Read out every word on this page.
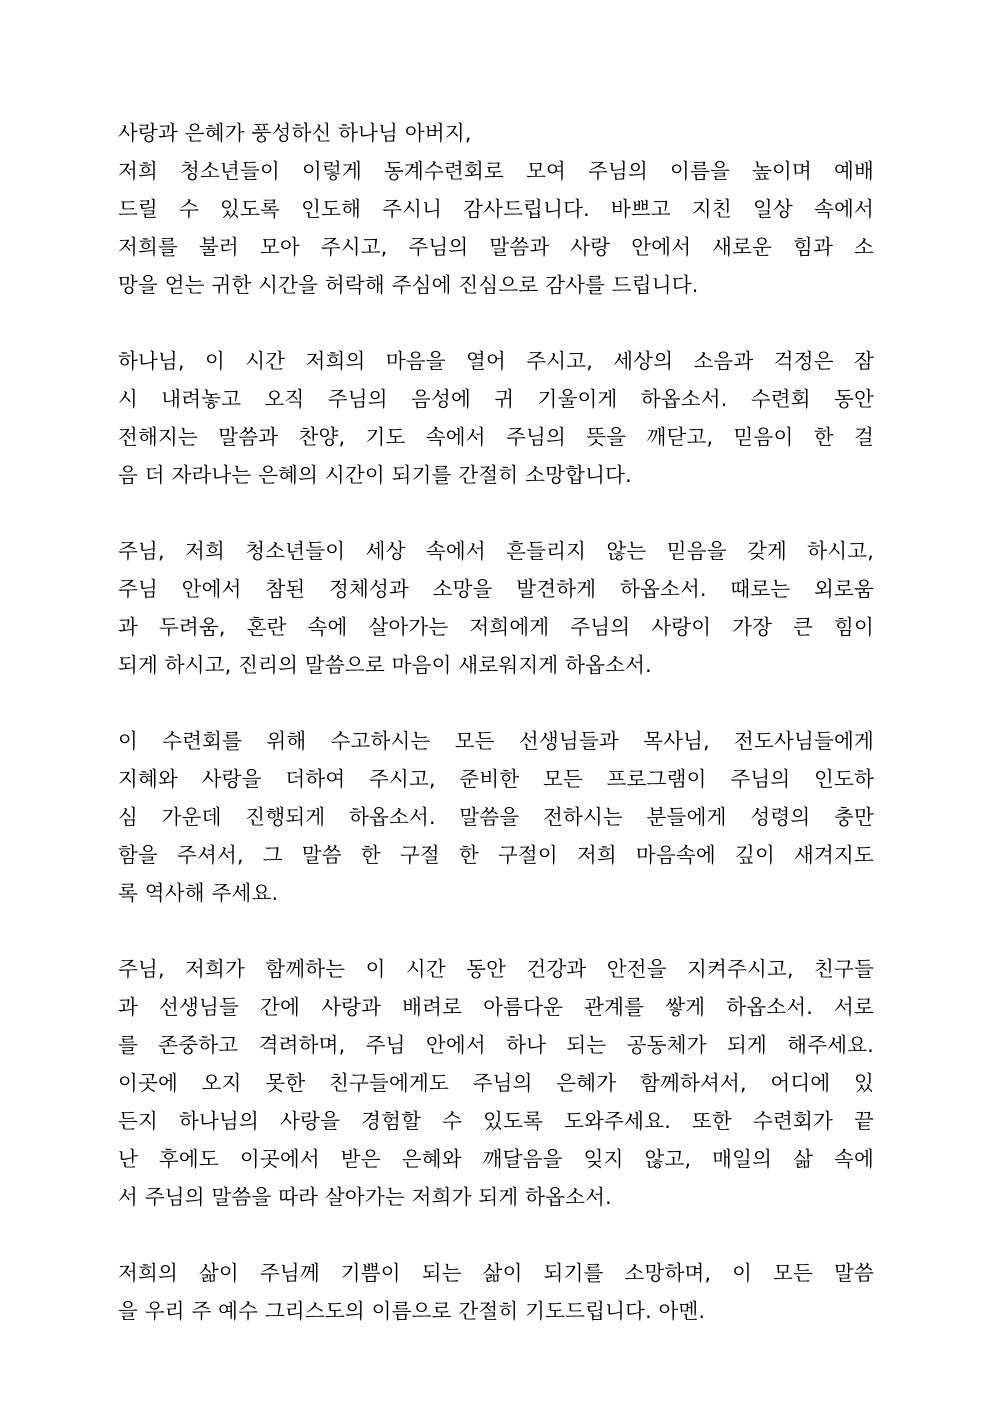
사랑과 은혜가 풍성하신 하나님 아버지,
저희 청소년들이 이렇게 동계수련회로 모여 주님의 이름을 높이며 예배
드릴 수 있도록 인도해 주시니 감사드립니다. 바쁘고 지친 일상 속에서
저희를 불러 모아 주시고, 주님의 말씀과 사랑 안에서 새로운 힘과 소
망을 얻는 귀한 시간을 허락해 주심에 진심으로 감사를 드립니다.
하나님, 이 시간 저희의 마음을 열어 주시고, 세상의 소음과 걱정은 잠
시 내려놓고 오직 주님의 음성에 귀 기울이게 하옵소서. 수련회 동안
전해지는 말씀과 찬양, 기도 속에서 주님의 뜻을 깨닫고, 믿음이 한 걸
음 더 자라나는 은혜의 시간이 되기를 간절히 소망합니다.
주님, 저희 청소년들이 세상 속에서 흔들리지 않는 믿음을 갖게 하시고,
주님 안에서 참된 정체성과 소망을 발견하게 하옵소서. 때로는 외로움
과 두려움, 혼란 속에 살아가는 저희에게 주님의 사랑이 가장 큰 힘이
되게 하시고, 진리의 말씀으로 마음이 새로워지게 하옵소서.
이 수련회를 위해 수고하시는 모든 선생님들과 목사님, 전도사님들에게
지혜와 사랑을 더하여 주시고, 준비한 모든 프로그램이 주님의 인도하
심 가운데 진행되게 하옵소서. 말씀을 전하시는 분들에게 성령의 충만
함을 주셔서, 그 말씀 한 구절 한 구절이 저희 마음속에 깊이 새겨지도
록 역사해 주세요.
주님, 저희가 함께하는 이 시간 동안 건강과 안전을 지켜주시고, 친구들
과 선생님들 간에 사랑과 배려로 아름다운 관계를 쌓게 하옵소서. 서로
를 존중하고 격려하며, 주님 안에서 하나 되는 공동체가 되게 해주세요.
이곳에 오지 못한 친구들에게도 주님의 은혜가 함께하셔서, 어디에 있
든지 하나님의 사랑을 경험할 수 있도록 도와주세요. 또한 수련회가 끝
난 후에도 이곳에서 받은 은혜와 깨달음을 잊지 않고, 매일의 삶 속에
서 주님의 말씀을 따라 살아가는 저희가 되게 하옵소서.
저희의 삶이 주님께 기쁨이 되는 삶이 되기를 소망하며, 이 모든 말씀
을 우리 주 예수 그리스도의 이름으로 간절히 기도드립니다. 아멘.
